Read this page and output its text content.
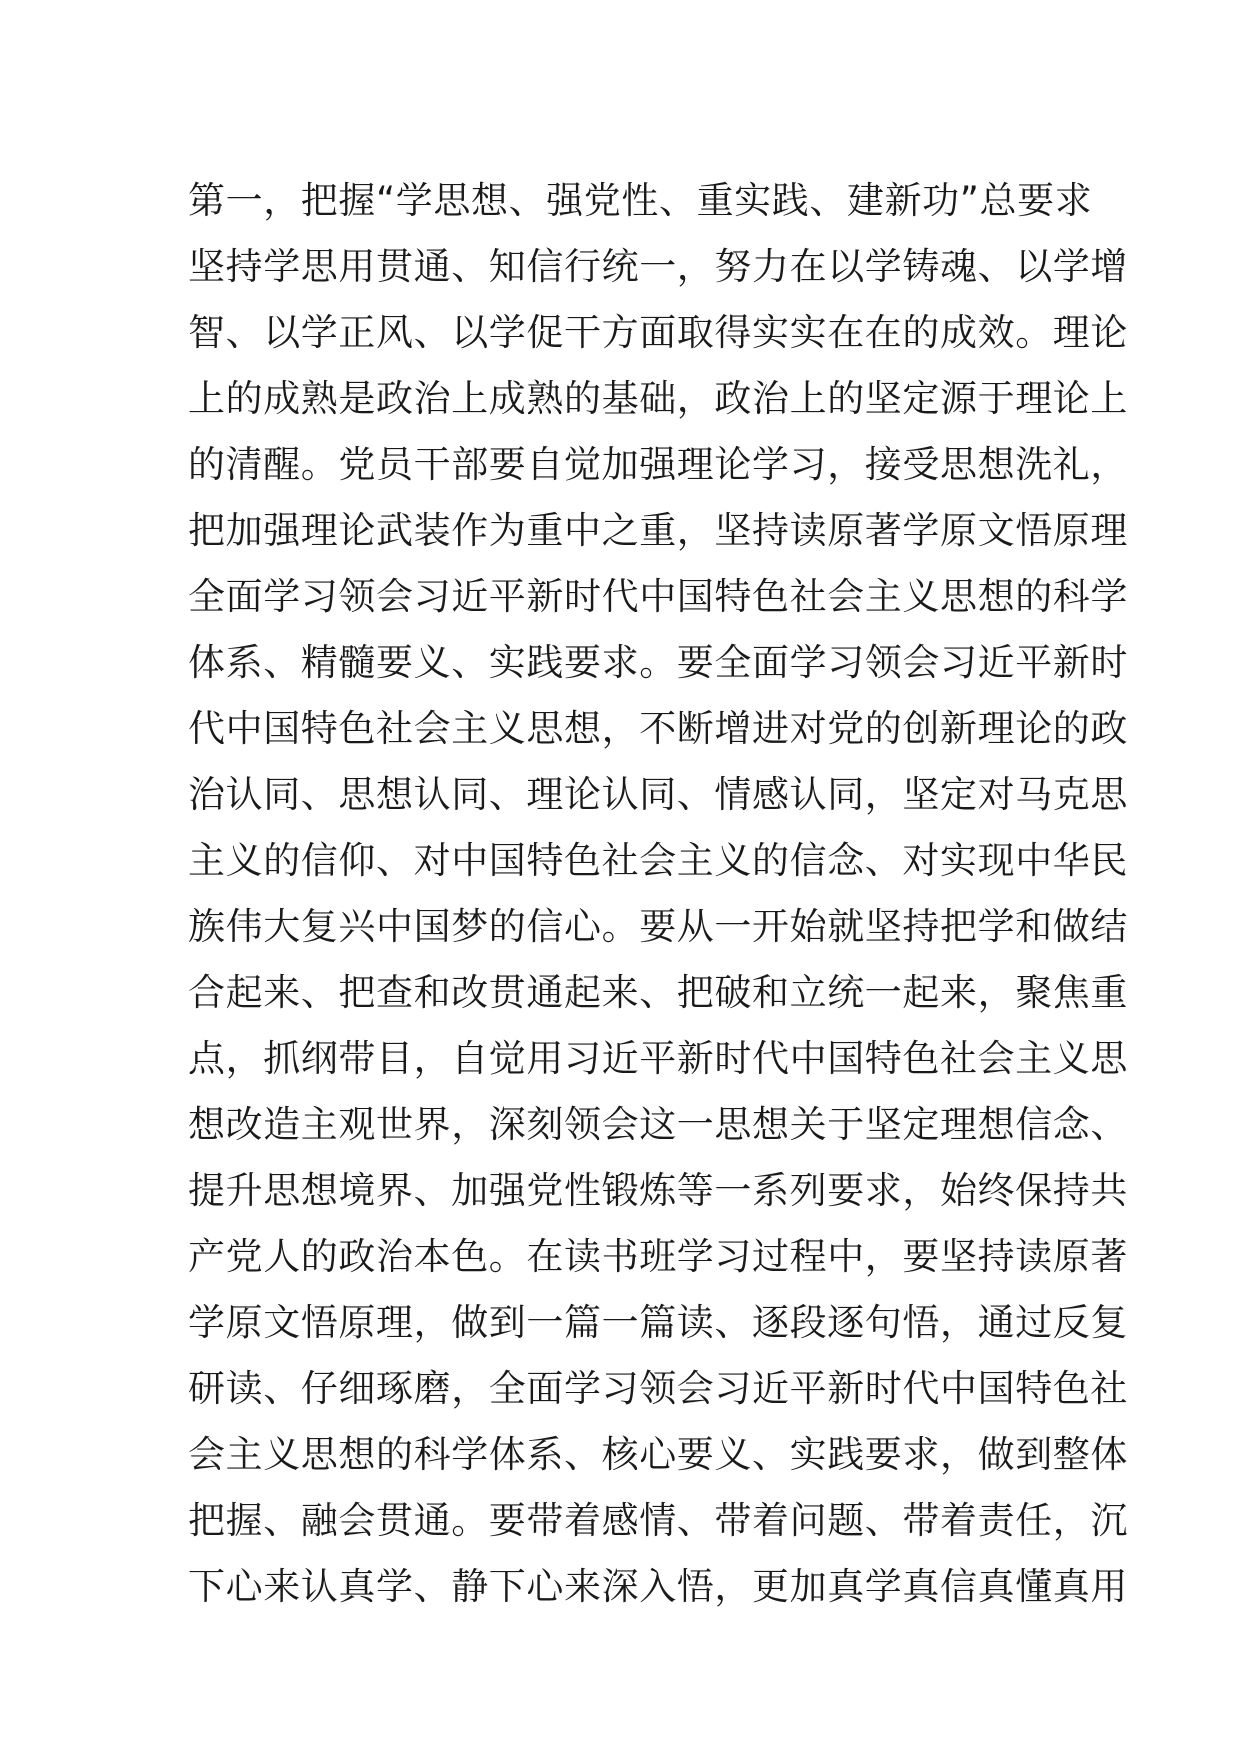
第一，把握“学思想、强党性、重实践、建新功”总要求
坚持学思用贯通、知信行统一，努力在以学铸魂、以学增
智、以学正风、以学促干方面取得实实在在的成效。理论
上的成熟是政治上成熟的基础，政治上的坚定源于理论上
的清醒。党员干部要自觉加强理论学习，接受思想洗礼，
把加强理论武装作为重中之重，坚持读原著学原文悟原理
全面学习领会习近平新时代中国特色社会主义思想的科学
体系、精髓要义、实践要求。要全面学习领会习近平新时
代中国特色社会主义思想，不断增进对党的创新理论的政
治认同、思想认同、理论认同、情感认同，坚定对马克思
主义的信仰、对中国特色社会主义的信念、对实现中华民
族伟大复兴中国梦的信心。要从一开始就坚持把学和做结
合起来、把查和改贯通起来、把破和立统一起来，聚焦重
点，抓纲带目，自觉用习近平新时代中国特色社会主义思
想改造主观世界，深刻领会这一思想关于坚定理想信念、
提升思想境界、加强党性锻炼等一系列要求，始终保持共
产党人的政治本色。在读书班学习过程中，要坚持读原著
学原文悟原理，做到一篇一篇读、逐段逐句悟，通过反复
研读、仔细琢磨，全面学习领会习近平新时代中国特色社
会主义思想的科学体系、核心要义、实践要求，做到整体
把握、融会贯通。要带着感情、带着问题、带着责任，沉
下心来认真学、静下心来深入悟，更加真学真信真懂真用
